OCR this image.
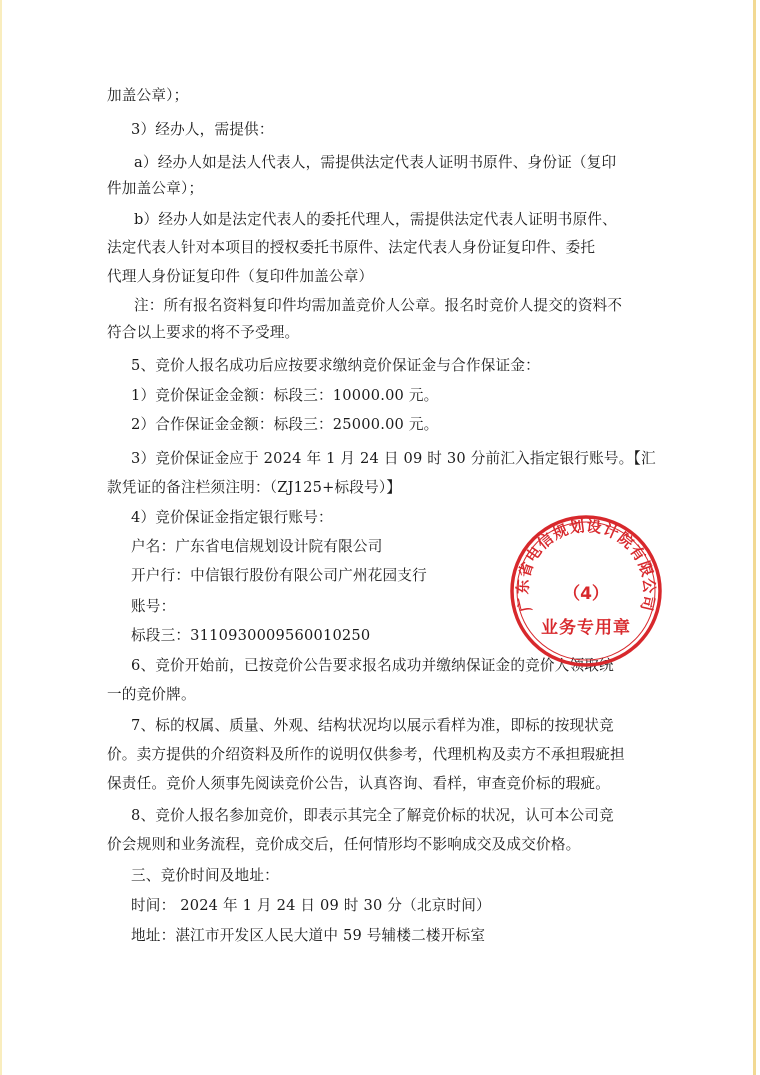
加盖公章）；
3）经办人，需提供：
a）经办人如是法人代表人，需提供法定代表人证明书原件、身份证（复印
件加盖公章）；
b）经办人如是法定代表人的委托代理人，需提供法定代表人证明书原件、
法定代表人针对本项目的授权委托书原件、法定代表人身份证复印件、委托
代理人身份证复印件（复印件加盖公章）
注：所有报名资料复印件均需加盖竞价人公章。报名时竞价人提交的资料不
符合以上要求的将不予受理。
5、竞价人报名成功后应按要求缴纳竞价保证金与合作保证金：
1）竞价保证金金额：标段三：10000.00 元。
2）合作保证金金额：标段三：25000.00 元。
3）竞价保证金应于 2024 年 1 月 24 日 09 时 30 分前汇入指定银行账号。【汇
款凭证的备注栏须注明：（ZJ125+标段号）】
4）竞价保证金指定银行账号：
户名：广东省电信规划设计院有限公司
开户行：中信银行股份有限公司广州花园支行
账号：
标段三：3110930009560010250
6、竞价开始前，已按竞价公告要求报名成功并缴纳保证金的竞价人领取统
一的竞价牌。
7、标的权属、质量、外观、结构状况均以展示看样为准，即标的按现状竞
价。卖方提供的介绍资料及所作的说明仅供参考，代理机构及卖方不承担瑕疵担
保责任。竞价人须事先阅读竞价公告，认真咨询、看样，审查竞价标的瑕疵。
8、竞价人报名参加竞价，即表示其完全了解竞价标的状况，认可本公司竞
价会规则和业务流程，竞价成交后，任何情形均不影响成交及成交价格。
三、竞价时间及地址：
时间： 2024 年 1 月 24 日 09 时 30 分（北京时间）
地址：湛江市开发区人民大道中 59 号辅楼二楼开标室
广东省电信规划设计院有限公司
（4）
业务专用章
